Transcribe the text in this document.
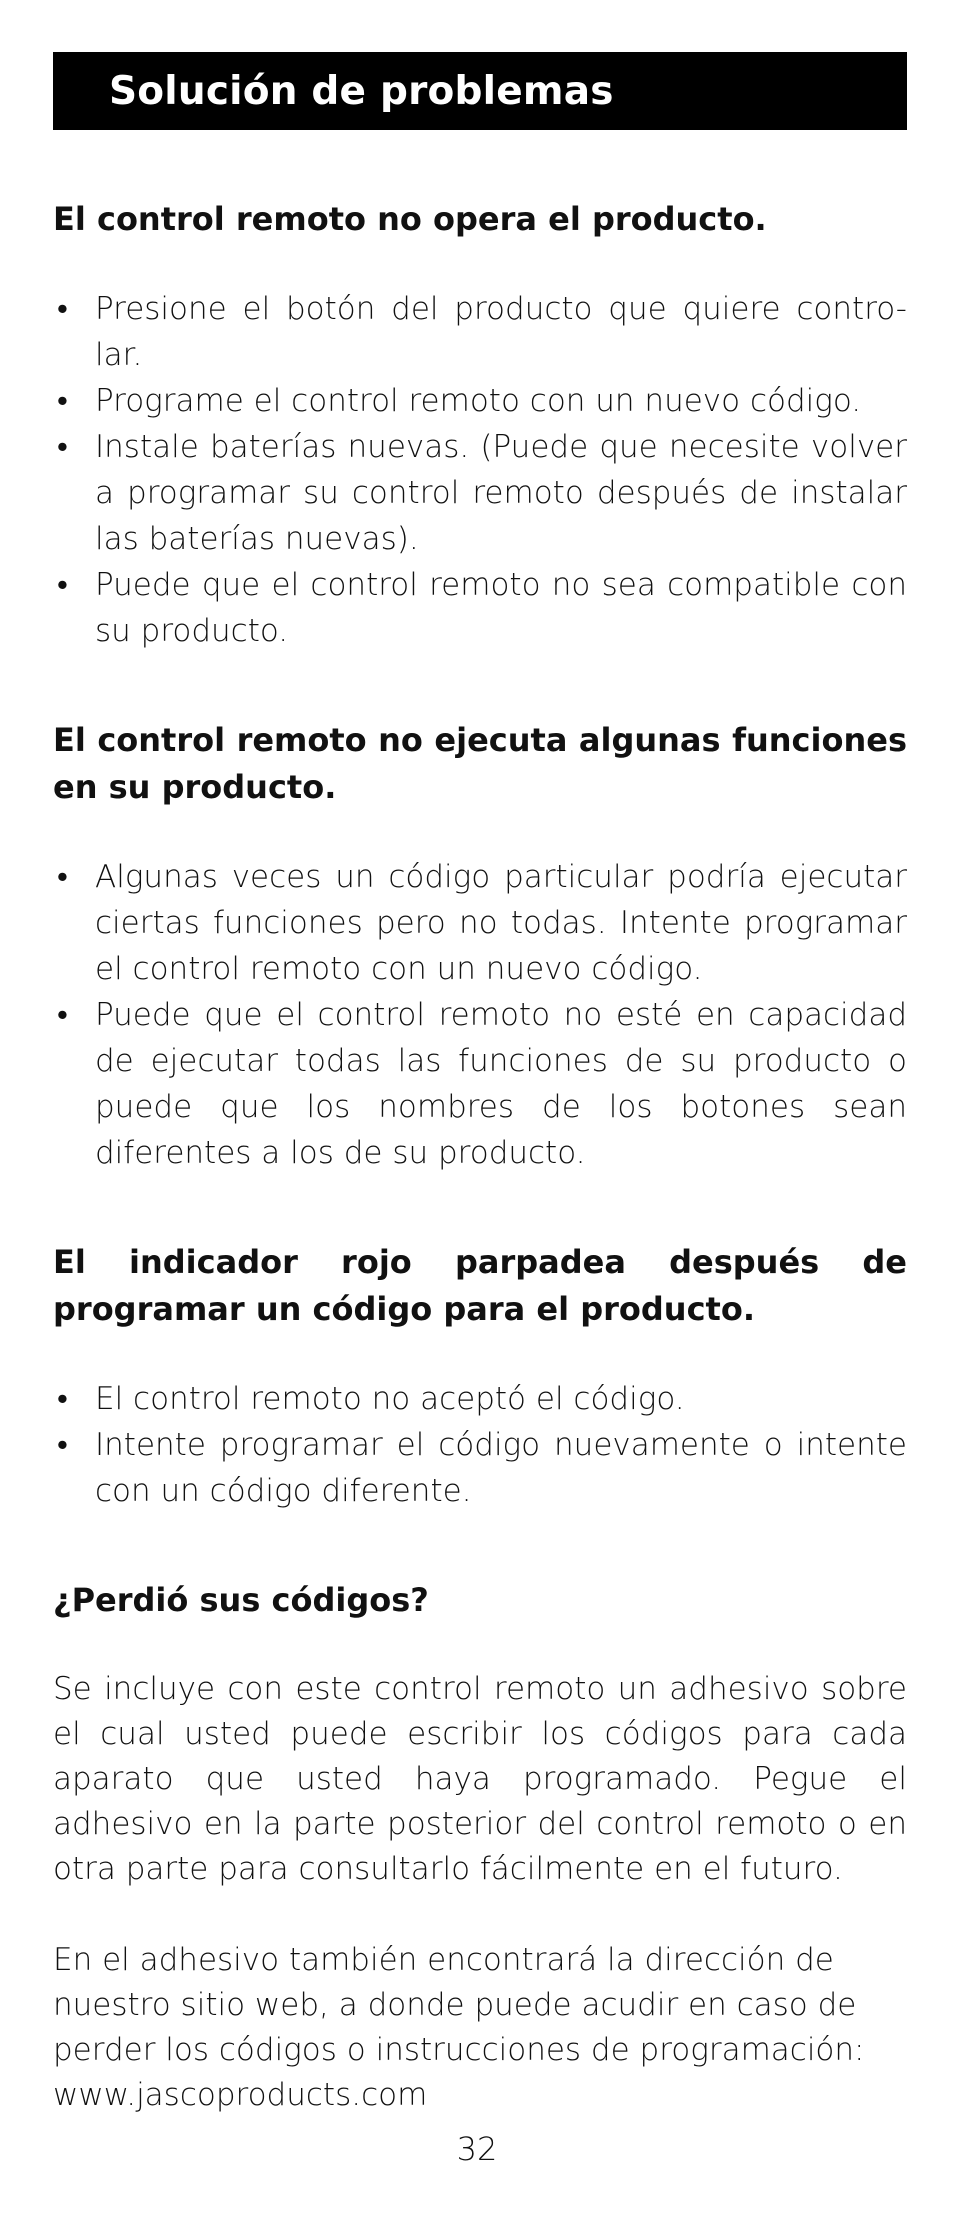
Solución de problemas
El control remoto no opera el producto.
• Presione el botón del producto que quiere contro-lar.
• Programe el control remoto con un nuevo código.
• Instale baterías nuevas. (Puede que necesite volver a programar su control remoto después de instalar las baterías nuevas).
• Puede que el control remoto no sea compatible con su producto.
El control remoto no ejecuta algunas funciones en su producto.
• Algunas veces un código particular podría ejecutar ciertas funciones pero no todas. Intente programar el control remoto con un nuevo código.
• Puede que el control remoto no esté en capacidad de ejecutar todas las funciones de su producto o puede que los nombres de los botones sean diferentes a los de su producto.
El indicador rojo parpadea después de programar un código para el producto.
• El control remoto no aceptó el código.
• Intente programar el código nuevamente o intente con un código diferente.
¿Perdió sus códigos?

Se incluye con este control remoto un adhesivo sobre el cual usted puede escribir los códigos para cada aparato que usted haya programado. Pegue el adhesivo en la parte posterior del control remoto o en otra parte para consultarlo fácilmente en el futuro.

En el adhesivo también encontrará la dirección de nuestro sitio web, a donde puede acudir en caso de perder los códigos o instrucciones de programación:
www.jascoproducts.com

32
